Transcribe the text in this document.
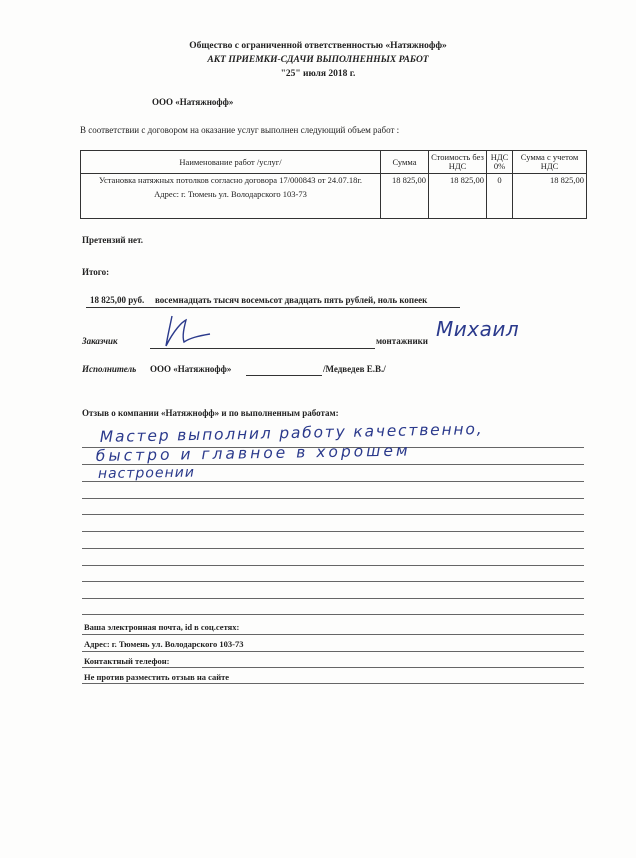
Общество с ограниченной ответственностью «Натяжнофф»
АКТ ПРИЕМКИ-СДАЧИ ВЫПОЛНЕННЫХ РАБОТ
"25" июля 2018 г.
ООО «Натяжнофф»
В соответствии с договором на оказание услуг выполнен следующий объем работ :
Наименование работ /услуг/	Сумма	Стоимость без НДС	НДС 0%	Сумма с учетом НДС
Установка натяжных потолков согласно договора 17/000843 от 24.07.18г.
Адрес: г. Тюмень ул. Володарского 103-73	18 825,00	18 825,00	0	18 825,00
Претензий нет.
Итого:
18 825,00 руб. восемнадцать тысяч восемьсот двадцать пять рублей, ноль копеек
Заказчик	монтажники Михаил
Исполнитель ООО «Натяжнофф»	/Медведев Е.В./
Отзыв о компании «Натяжнофф» и по выполненным работам:
Мастер выполнил работу качественно,
быстро и главное в хорошем
настроении
Ваша электронная почта, id в соц.сетях:
Адрес: г. Тюмень ул. Володарского 103-73
Контактный телефон:
Не против разместить отзыв на сайте
